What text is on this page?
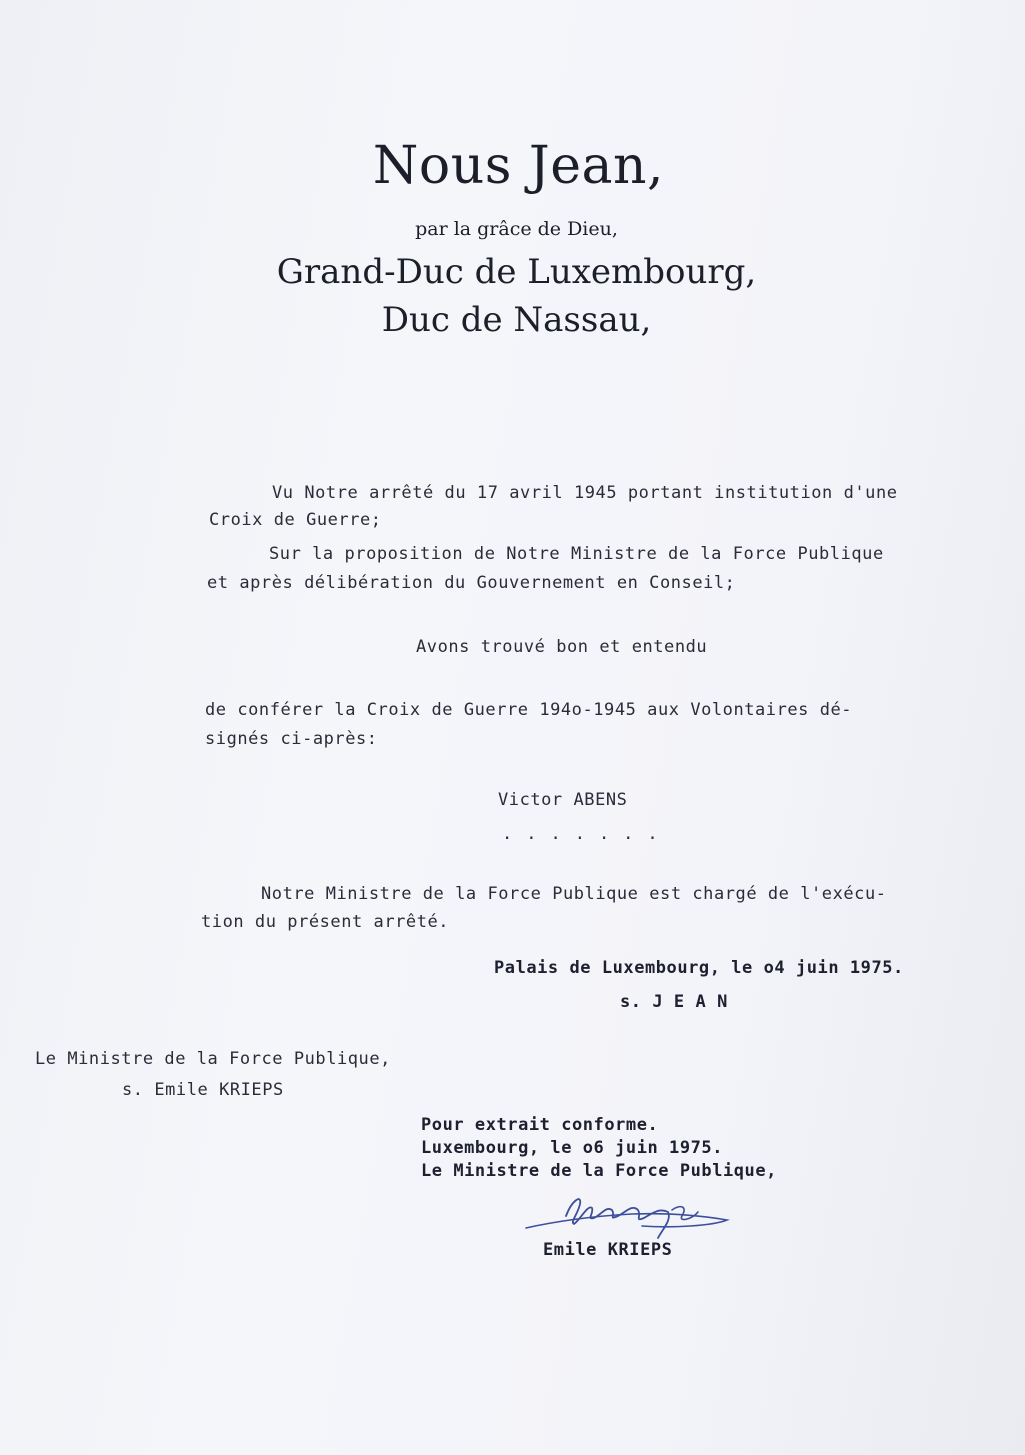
Nous Jean,
par la grâce de Dieu,
Grand-Duc de Luxembourg,
Duc de Nassau,
Vu Notre arrêté du 17 avril 1945 portant institution d'une
Croix de Guerre;
Sur la proposition de Notre Ministre de la Force Publique
et après délibération du Gouvernement en Conseil;
Avons trouvé bon et entendu
de conférer la Croix de Guerre 194o-1945 aux Volontaires dé-
signés ci-après:
Victor ABENS
.......
Notre Ministre de la Force Publique est chargé de l'exécu-
tion du présent arrêté.
Palais de Luxembourg, le o4 juin 1975.
s. J E A N
Le Ministre de la Force Publique,
s. Emile KRIEPS
Pour extrait conforme.
Luxembourg, le o6 juin 1975.
Le Ministre de la Force Publique,
Emile KRIEPS
